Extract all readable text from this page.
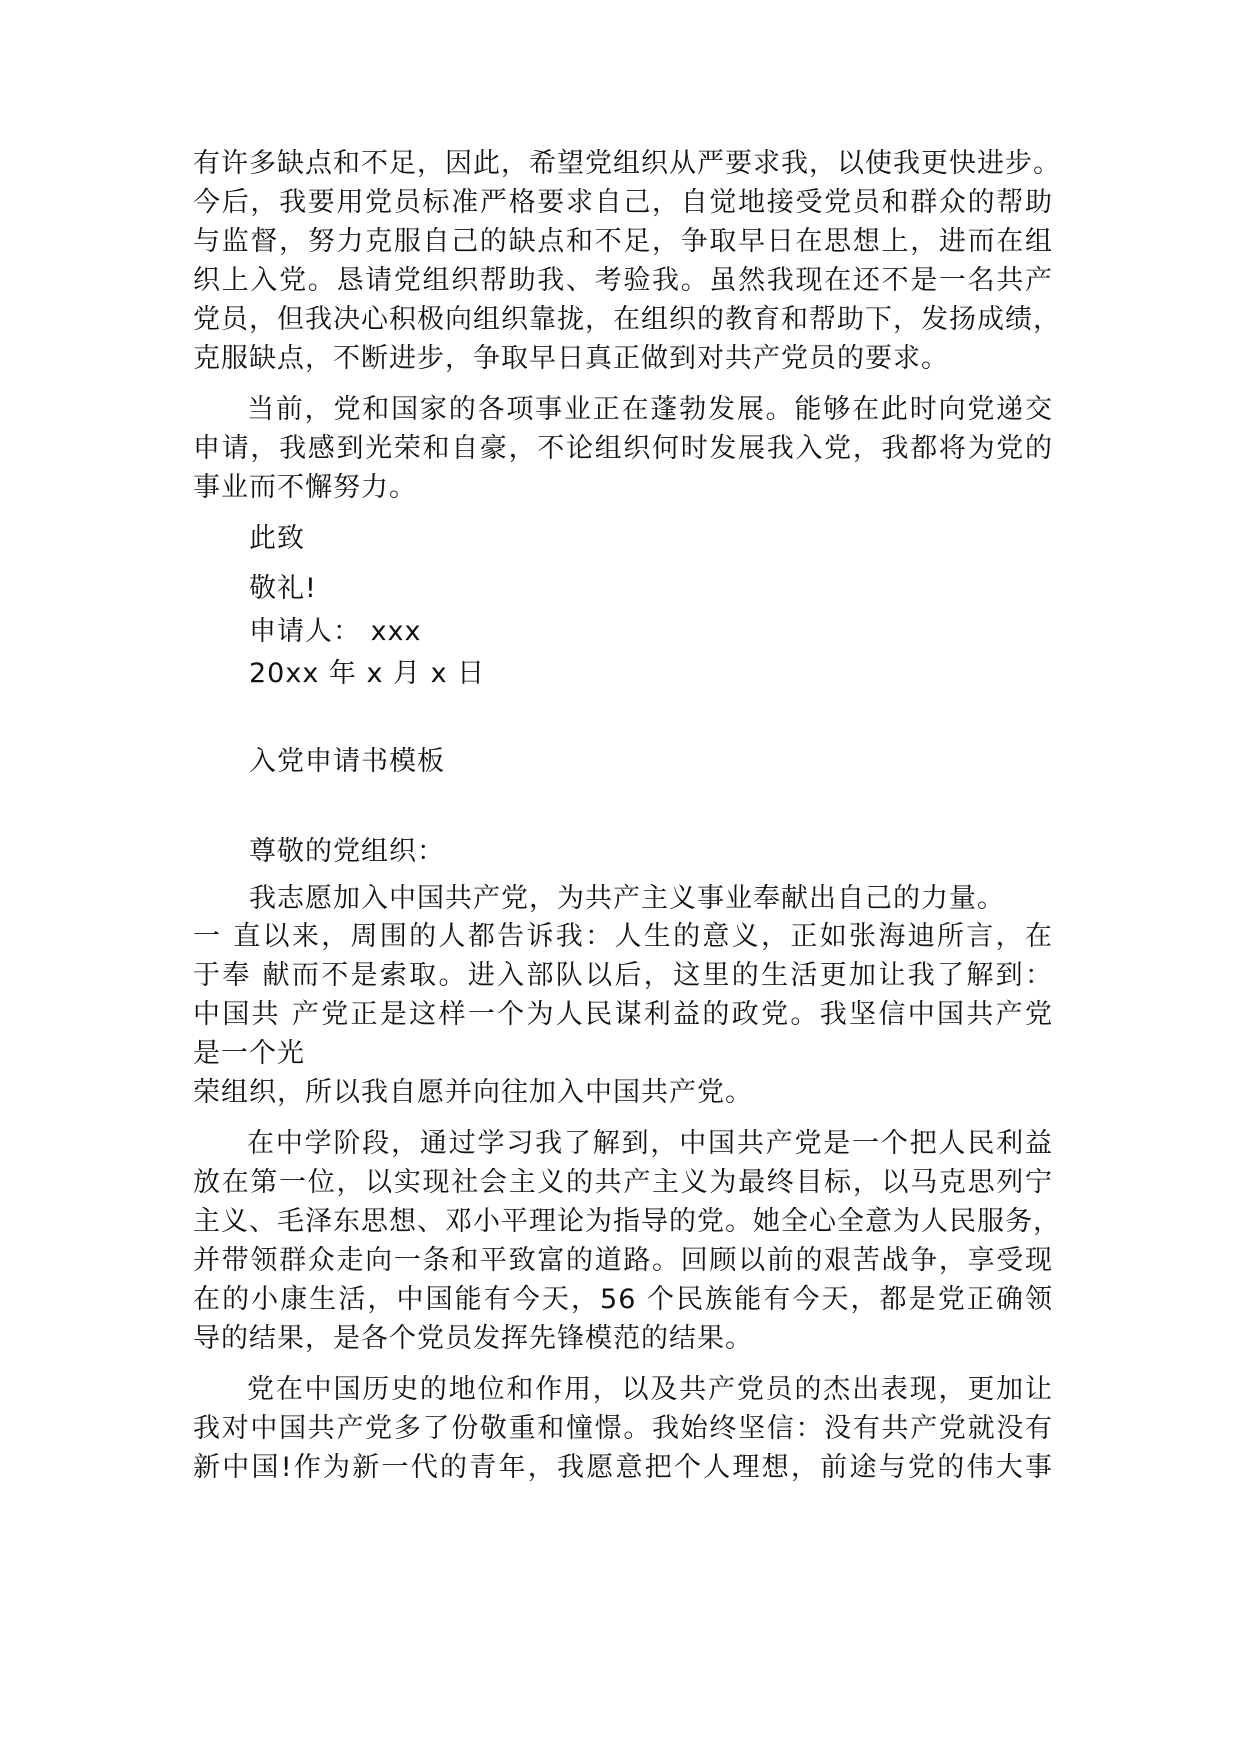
有许多缺点和不足，因此，希望党组织从严要求我，以使我更快进步。
今后，我要用党员标准严格要求自己，自觉地接受党员和群众的帮助
与监督，努力克服自己的缺点和不足，争取早日在思想上，进而在组
织上入党。恳请党组织帮助我、考验我。虽然我现在还不是一名共产
党员，但我决心积极向组织靠拢，在组织的教育和帮助下，发扬成绩，
克服缺点，不断进步，争取早日真正做到对共产党员的要求。
当前，党和国家的各项事业正在蓬勃发展。能够在此时向党递交
申请，我感到光荣和自豪，不论组织何时发展我入党，我都将为党的
事业而不懈努力。
此致
敬礼!
申请人： xxx
20xx 年 x 月 x 日
入党申请书模板
尊敬的党组织：
我志愿加入中国共产党，为共产主义事业奉献出自己的力量。
一 直以来，周围的人都告诉我：人生的意义，正如张海迪所言，在
于奉 献而不是索取。进入部队以后，这里的生活更加让我了解到：
中国共 产党正是这样一个为人民谋利益的政党。我坚信中国共产党
是一个光
荣组织，所以我自愿并向往加入中国共产党。
在中学阶段，通过学习我了解到，中国共产党是一个把人民利益
放在第一位，以实现社会主义的共产主义为最终目标，以马克思列宁
主义、毛泽东思想、邓小平理论为指导的党。她全心全意为人民服务，
并带领群众走向一条和平致富的道路。回顾以前的艰苦战争，享受现
在的小康生活，中国能有今天，56 个民族能有今天，都是党正确领
导的结果，是各个党员发挥先锋模范的结果。
党在中国历史的地位和作用，以及共产党员的杰出表现，更加让
我对中国共产党多了份敬重和憧憬。我始终坚信：没有共产党就没有
新中国!作为新一代的青年，我愿意把个人理想，前途与党的伟大事
